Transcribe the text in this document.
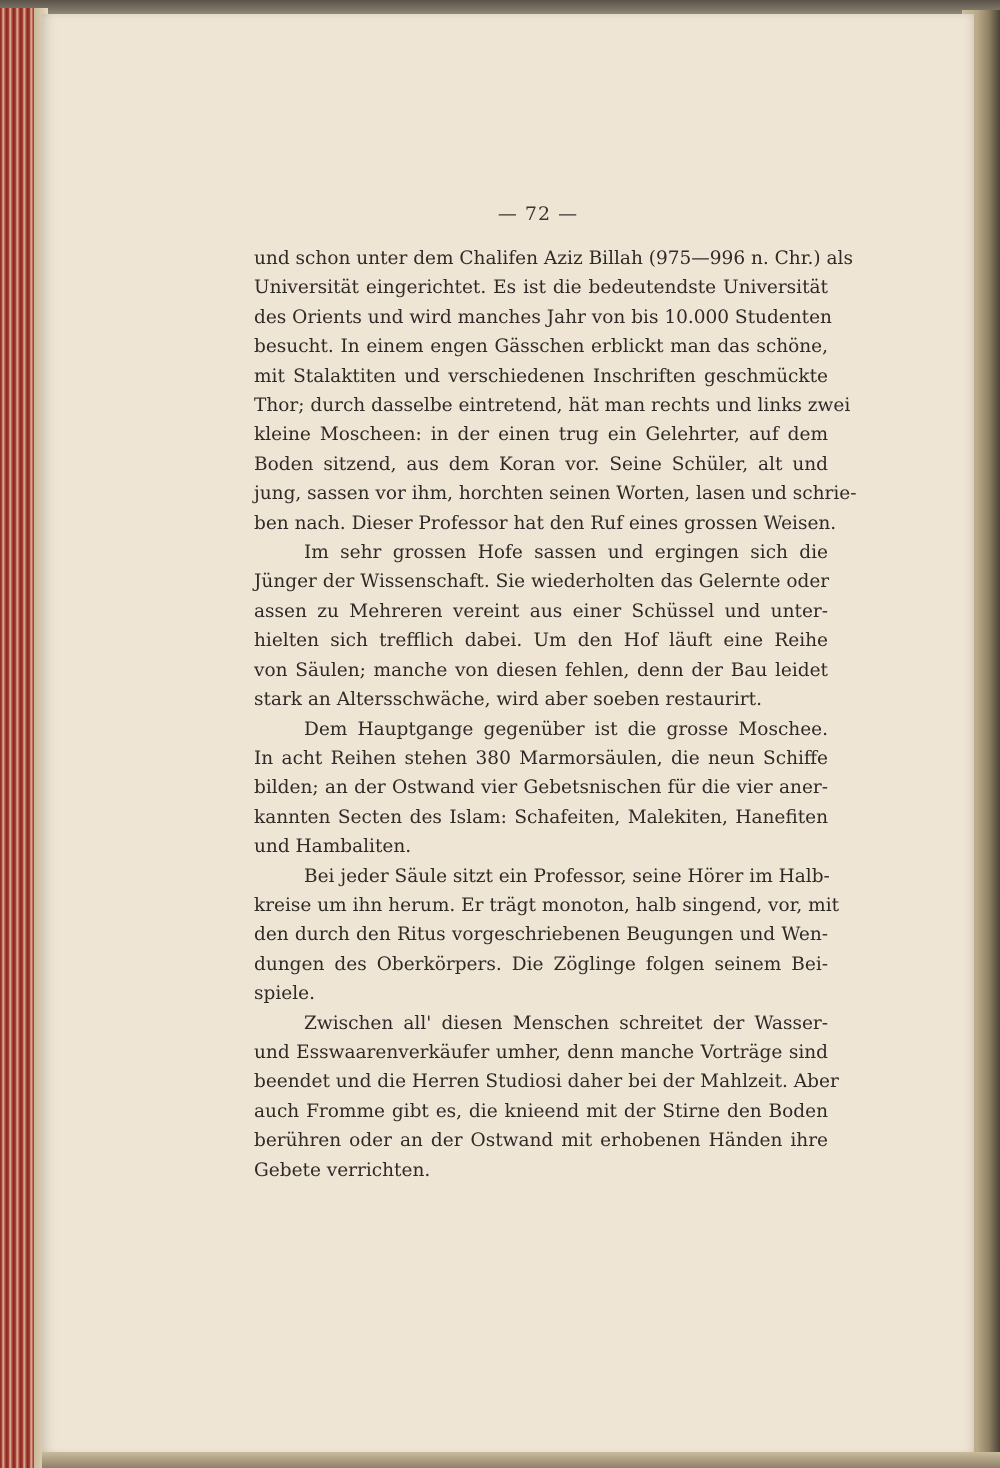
— 72 —

und schon unter dem Chalifen Aziz Billah (975—996 n. Chr.) als
Universität eingerichtet. Es ist die bedeutendste Universität
des Orients und wird manches Jahr von bis 10.000 Studenten
besucht. In einem engen Gässchen erblickt man das schöne,
mit Stalaktiten und verschiedenen Inschriften geschmückte
Thor; durch dasselbe eintretend, hät man rechts und links zwei
kleine Moscheen: in der einen trug ein Gelehrter, auf dem
Boden sitzend, aus dem Koran vor. Seine Schüler, alt und
jung, sassen vor ihm, horchten seinen Worten, lasen und schrie-
ben nach. Dieser Professor hat den Ruf eines grossen Weisen.

Im sehr grossen Hofe sassen und ergingen sich die
Jünger der Wissenschaft. Sie wiederholten das Gelernte oder
assen zu Mehreren vereint aus einer Schüssel und unter-
hielten sich trefflich dabei. Um den Hof läuft eine Reihe
von Säulen; manche von diesen fehlen, denn der Bau leidet
stark an Altersschwäche, wird aber soeben restaurirt.

Dem Hauptgange gegenüber ist die grosse Moschee.
In acht Reihen stehen 380 Marmorsäulen, die neun Schiffe
bilden; an der Ostwand vier Gebetsnischen für die vier aner-
kannten Secten des Islam: Schafeiten, Malekiten, Hanefiten
und Hambaliten.

Bei jeder Säule sitzt ein Professor, seine Hörer im Halb-
kreise um ihn herum. Er trägt monoton, halb singend, vor, mit
den durch den Ritus vorgeschriebenen Beugungen und Wen-
dungen des Oberkörpers. Die Zöglinge folgen seinem Bei-
spiele.

Zwischen all' diesen Menschen schreitet der Wasser-
und Esswaarenverkäufer umher, denn manche Vorträge sind
beendet und die Herren Studiosi daher bei der Mahlzeit. Aber
auch Fromme gibt es, die knieend mit der Stirne den Boden
berühren oder an der Ostwand mit erhobenen Händen ihre
Gebete verrichten.
